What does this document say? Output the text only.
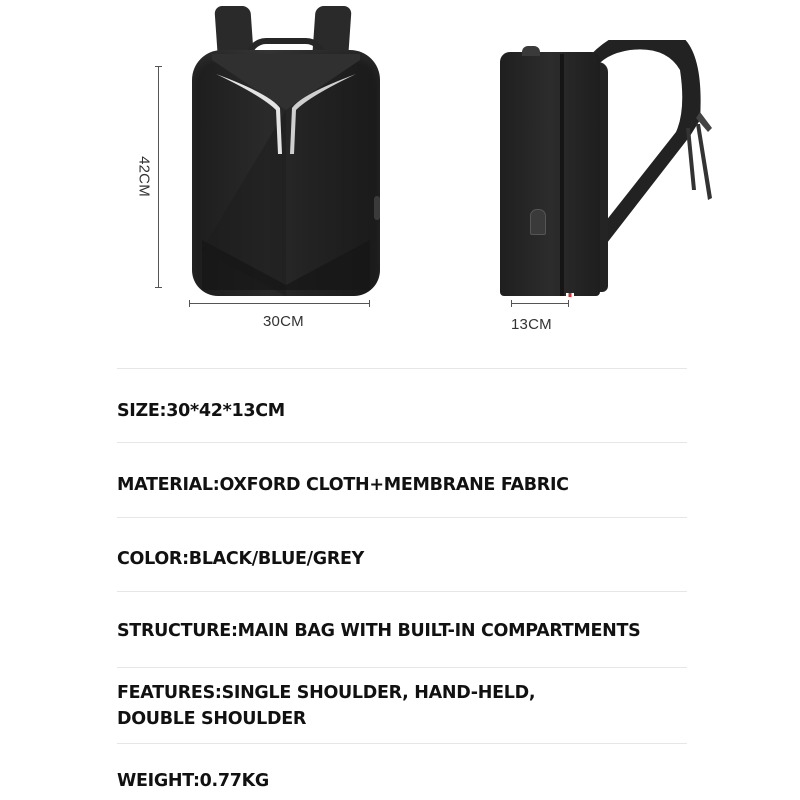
42CM
30CM	13CM
SIZE:30*42*13CM
MATERIAL:OXFORD CLOTH+MEMBRANE FABRIC
COLOR:BLACK/BLUE/GREY
STRUCTURE:MAIN BAG WITH BUILT-IN COMPARTMENTS
FEATURES:SINGLE SHOULDER, HAND-HELD,
DOUBLE SHOULDER
WEIGHT:0.77KG
